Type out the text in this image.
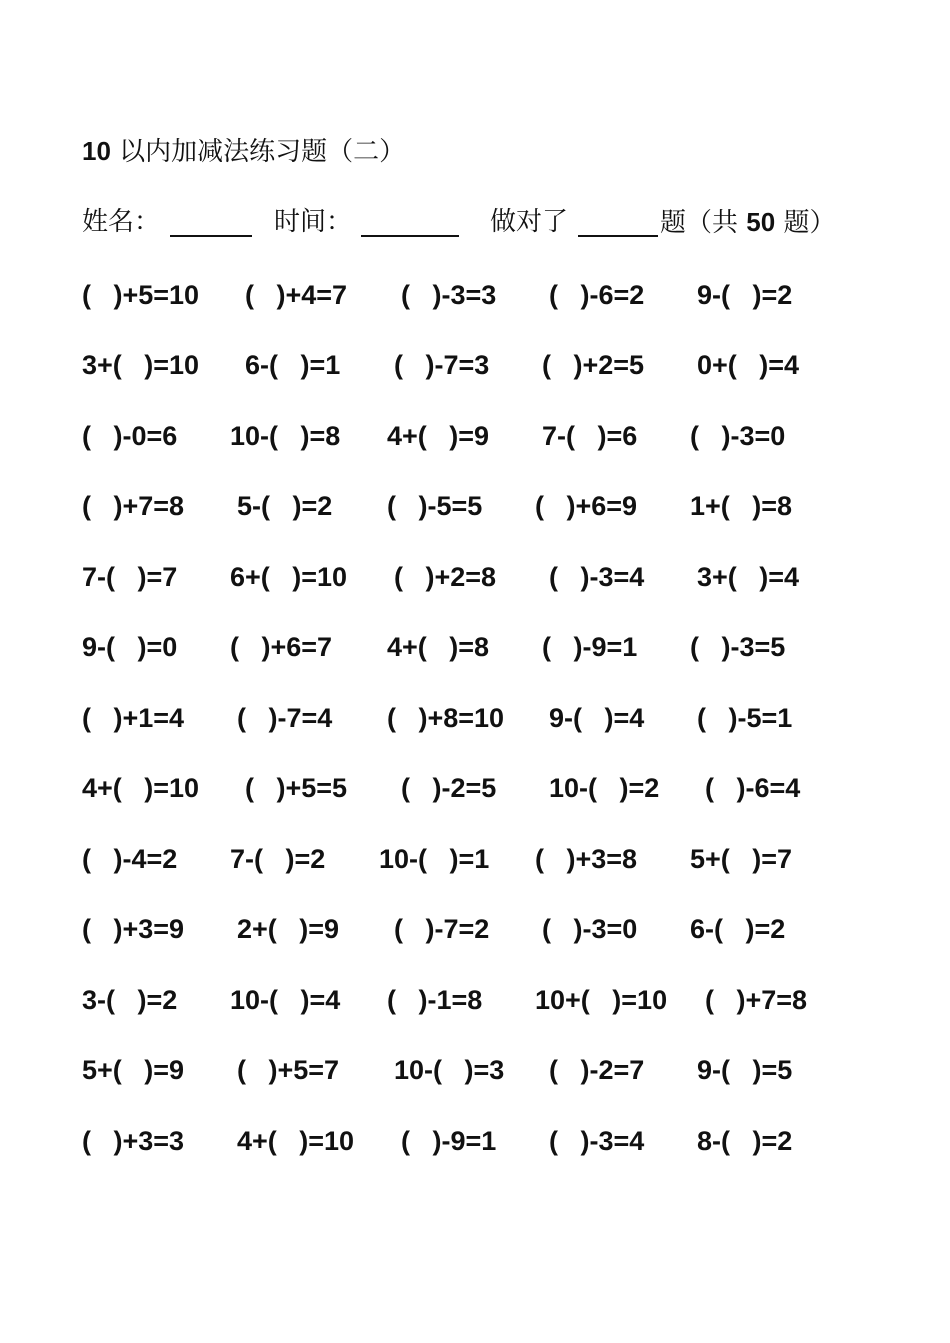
10 以内加减法练习题（二）
姓名：	时间：	做对了	题（共 50 题）
(   )+5=10 (   )+4=7 (   )-3=3 (   )-6=2 9-(   )=2
3+(   )=10 6-(   )=1 (   )-7=3 (   )+2=5 0+(   )=4
(   )-0=6 10-(   )=8 4+(   )=9 7-(   )=6 (   )-3=0
(   )+7=8 5-(   )=2 (   )-5=5 (   )+6=9 1+(   )=8
7-(   )=7 6+(   )=10 (   )+2=8 (   )-3=4 3+(   )=4
9-(   )=0 (   )+6=7 4+(   )=8 (   )-9=1 (   )-3=5
(   )+1=4 (   )-7=4 (   )+8=10 9-(   )=4 (   )-5=1
4+(   )=10 (   )+5=5 (   )-2=5 10-(   )=2 (   )-6=4
(   )-4=2 7-(   )=2 10-(   )=1 (   )+3=8 5+(   )=7
(   )+3=9 2+(   )=9 (   )-7=2 (   )-3=0 6-(   )=2
3-(   )=2 10-(   )=4 (   )-1=8 10+(   )=10 (   )+7=8
5+(   )=9 (   )+5=7 10-(   )=3 (   )-2=7 9-(   )=5
(   )+3=3 4+(   )=10 (   )-9=1 (   )-3=4 8-(   )=2
